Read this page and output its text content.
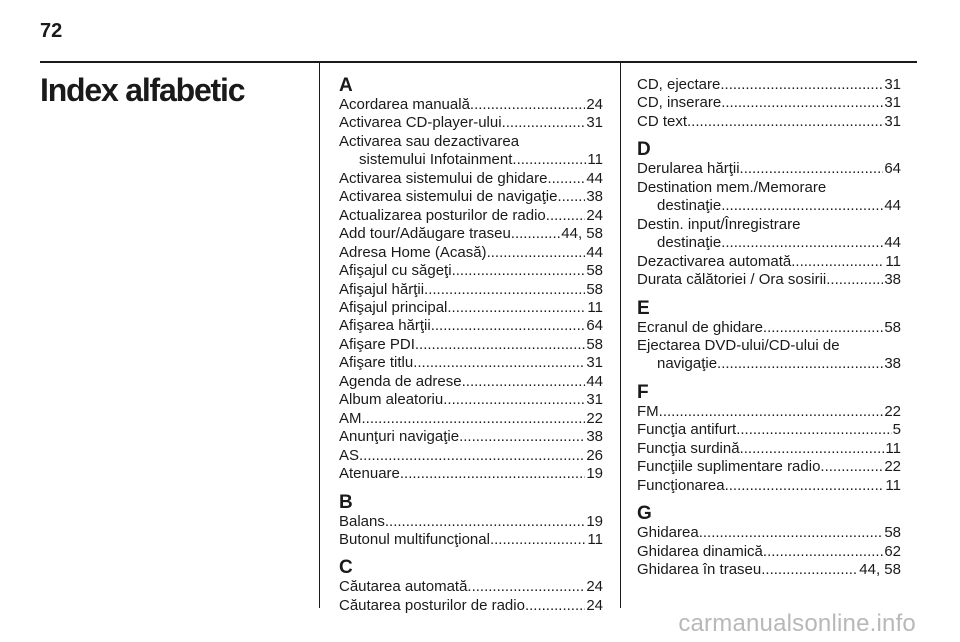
72
Index alfabetic	A
Acordarea manuală .....	24
Activarea CD-player-ului .....	31
Activarea sau dezactivarea
sistemului Infotainment .....	11
Activarea sistemului de ghidare .....	44
Activarea sistemului de navigaţie ..... 38
Actualizarea posturilor de radio .....	24
Add tour/Adăugare traseu .....	44, 58
Adresa Home (Acasă) .....	44
Afişajul cu săgeţi .....	58
Afişajul hărţii .....	58
Afişajul principal .....	11
Afişarea hărţii .....	64
Afişare PDI .....	58
Afişare titlu .....	31
Agenda de adrese .....	44
Album aleatoriu .....	31
AM .....	22
Anunţuri navigaţie .....	38
AS .....	26
Atenuare .....	19
B
Balans .....	19
Butonul multifuncţional .....	11
C
Căutarea automată .....	24
Căutarea posturilor de radio .....	24
CD, ejectare .....	31
CD, inserare .....	31
CD text .....	31
D
Derularea hărţii .....	64
Destination mem./Memorare
destinaţie .....	44
Destin. input/Înregistrare
destinaţie .....	44
Dezactivarea automată .....	11
Durata călătoriei / Ora sosirii .....	38
E
Ecranul de ghidare .....	58
Ejectarea DVD-ului/CD-ului de
navigaţie .....	38
F
FM .....	22
Funcţia antifurt .....	5
Funcţia surdină .....	11
Funcţiile suplimentare radio .....	22
Funcţionarea .....	11
G
Ghidarea .....	58
Ghidarea dinamică .....	62
Ghidarea în traseu .....	44, 58
carmanualsonline.info
